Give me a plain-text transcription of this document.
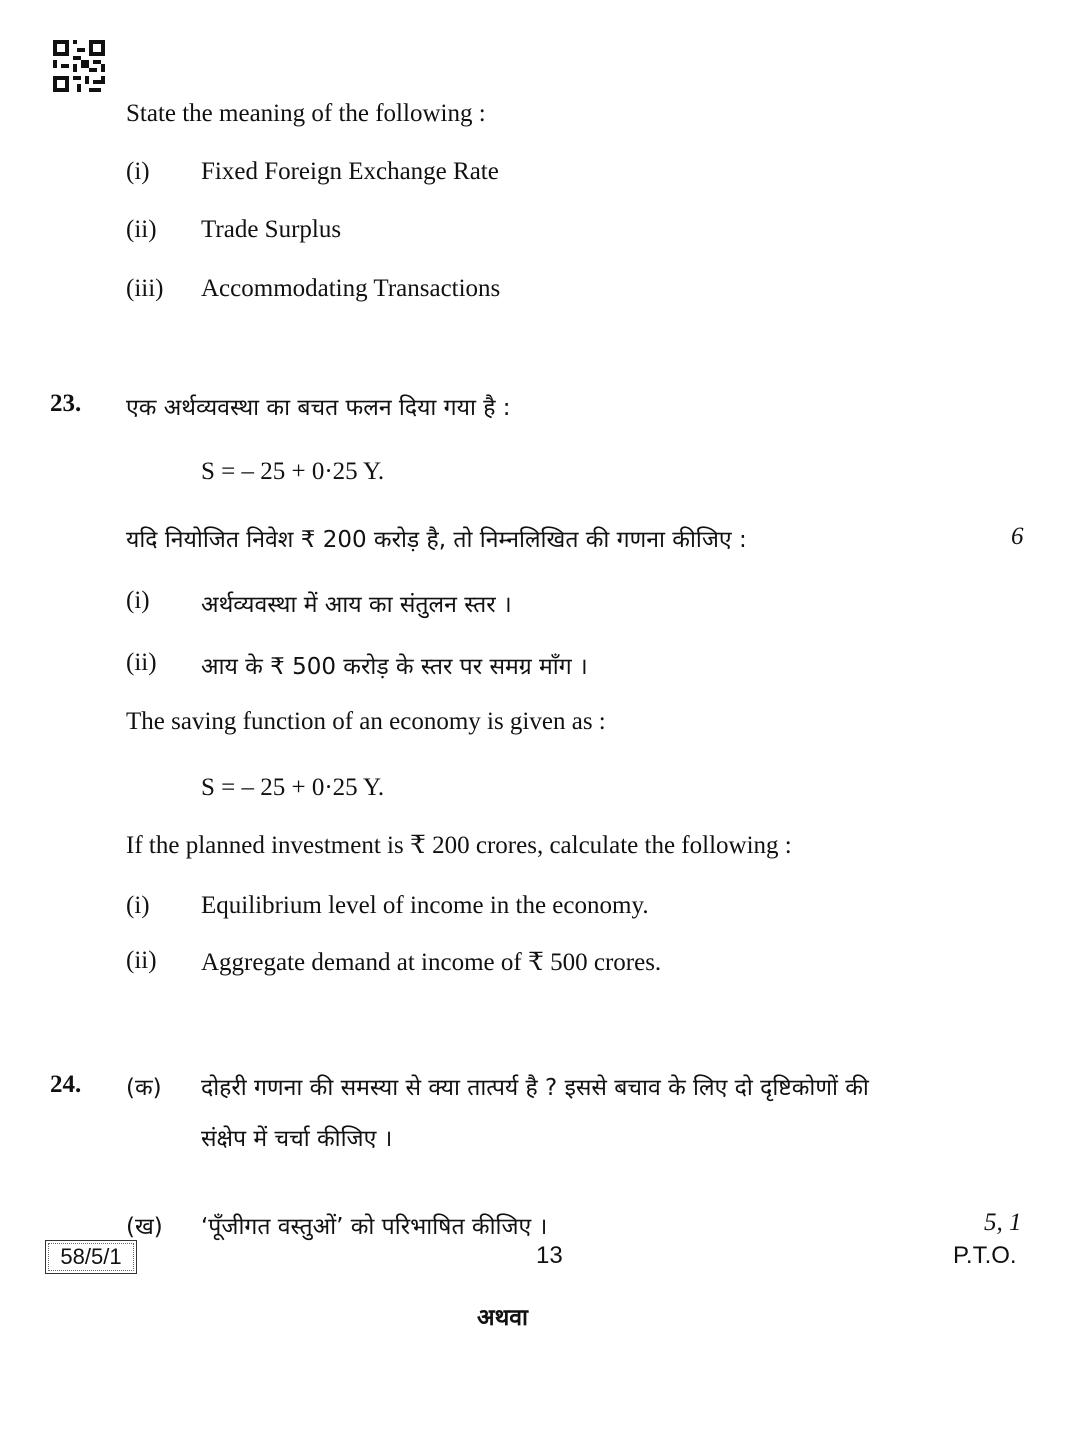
State the meaning of the following :
(i) Fixed Foreign Exchange Rate
(ii) Trade Surplus
(iii) Accommodating Transactions
23. एक अर्थव्यवस्था का बचत फलन दिया गया है :
S = – 25 + 0·25 Y.
यदि नियोजित निवेश ₹ 200 करोड़ है, तो निम्नलिखित की गणना कीजिए :	6
(i) अर्थव्यवस्था में आय का संतुलन स्तर ।
(ii) आय के ₹ 500 करोड़ के स्तर पर समग्र माँग ।
The saving function of an economy is given as :
S = – 25 + 0·25 Y.
If the planned investment is ₹ 200 crores, calculate the following :
(i) Equilibrium level of income in the economy.
(ii) Aggregate demand at income of ₹ 500 crores.
24. (क) दोहरी गणना की समस्या से क्या तात्पर्य है ? इससे बचाव के लिए दो दृष्टिकोणों की
संक्षेप में चर्चा कीजिए ।
(ख) ‘पूँजीगत वस्तुओं’ को परिभाषित कीजिए ।	5, 1
अथवा
58/5/1	13	P.T.O.
